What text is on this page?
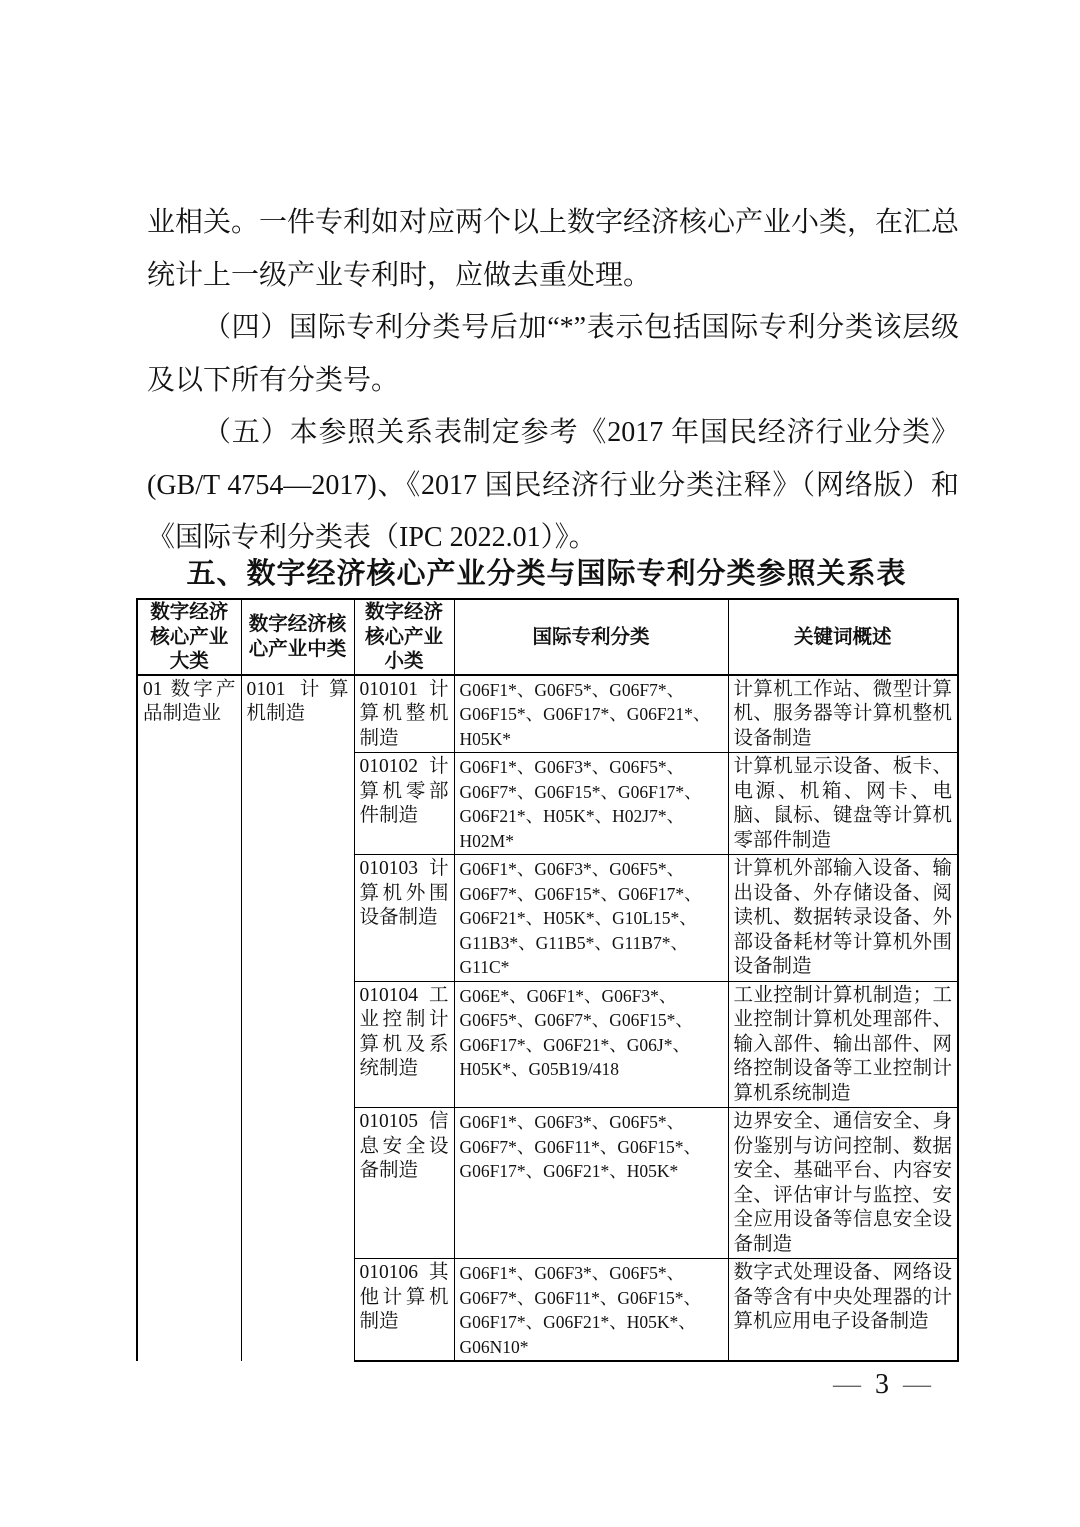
业相关。一件专利如对应两个以上数字经济核心产业小类，在汇总统计上一级产业专利时，应做去重处理。

（四）国际专利分类号后加“*”表示包括国际专利分类该层级及以下所有分类号。

（五）本参照关系表制定参考《2017 年国民经济行业分类》(GB/T 4754—2017)、《2017 国民经济行业分类注释》（网络版）和《国际专利分类表（IPC 2022.01）》。

五、数字经济核心产业分类与国际专利分类参照关系表
数字经济核心产业大类	数字经济核心产业中类	数字经济核心产业小类	国际专利分类	关键词概述
01 数字产品制造业	0101 计算机制造	010101 计算机整机制造	G06F1*、G06F5*、G06F7*、G06F15*、G06F17*、G06F21*、H05K*	计算机工作站、微型计算机、服务器等计算机整机设备制造
		010102 计算机零部件制造	G06F1*、G06F3*、G06F5*、G06F7*、G06F15*、G06F17*、G06F21*、H05K*、H02J7*、H02M*	计算机显示设备、板卡、电源、机箱、网卡、电脑、鼠标、键盘等计算机零部件制造
		010103 计算机外围设备制造	G06F1*、G06F3*、G06F5*、G06F7*、G06F15*、G06F17*、G06F21*、H05K*、G10L15*、G11B3*、G11B5*、G11B7*、G11C*	计算机外部输入设备、输出设备、外存储设备、阅读机、数据转录设备、外部设备耗材等计算机外围设备制造
		010104 工业控制计算机及系统制造	G06E*、G06F1*、G06F3*、G06F5*、G06F7*、G06F15*、G06F17*、G06F21*、G06J*、H05K*、G05B19/418	工业控制计算机制造；工业控制计算机处理部件、输入部件、输出部件、网络控制设备等工业控制计算机系统制造
		010105 信息安全设备制造	G06F1*、G06F3*、G06F5*、G06F7*、G06F11*、G06F15*、G06F17*、G06F21*、H05K*	边界安全、通信安全、身份鉴别与访问控制、数据安全、基础平台、内容安全、评估审计与监控、安全应用设备等信息安全设备制造
		010106 其他计算机制造	G06F1*、G06F3*、G06F5*、G06F7*、G06F11*、G06F15*、G06F17*、G06F21*、H05K*、G06N10*	数字式处理设备、网络设备等含有中央处理器的计算机应用电子设备制造
— 3 —
